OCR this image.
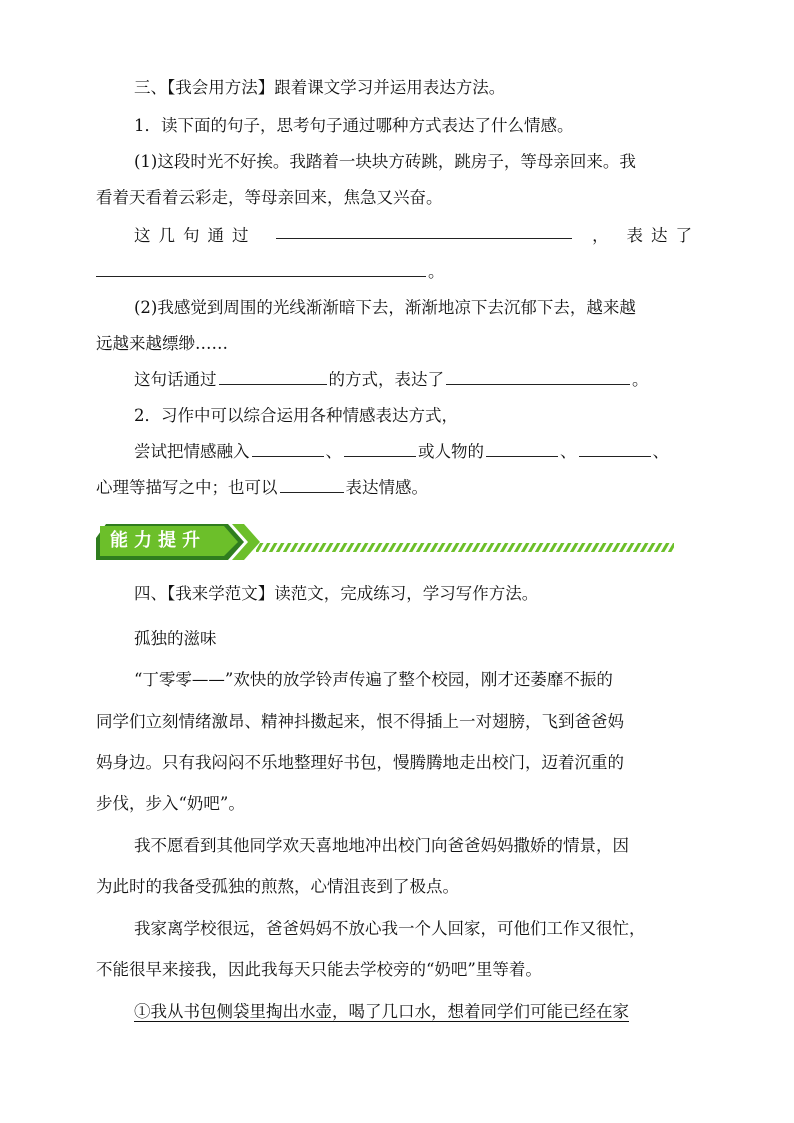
三、【我会用方法】跟着课文学习并运用表达方法。
1．读下面的句子，思考句子通过哪种方式表达了什么情感。
(1)这段时光不好挨。我踏着一块块方砖跳，跳房子，等母亲回来。我
看着天看着云彩走，等母亲回来，焦急又兴奋。
这几句通过	， 表达了
。
(2)我感觉到周围的光线渐渐暗下去，渐渐地凉下去沉郁下去，越来越
远越来越缥缈……
这句话通过	的方式，表达了	。
2．习作中可以综合运用各种情感表达方式，
尝试把情感融入	、	或人物的	、	、
心理等描写之中；也可以	表达情感。
能力提升
四、【我来学范文】读范文，完成练习，学习写作方法。
孤独的滋味
“丁零零——”欢快的放学铃声传遍了整个校园，刚才还萎靡不振的
同学们立刻情绪激昂、精神抖擞起来，恨不得插上一对翅膀，飞到爸爸妈
妈身边。只有我闷闷不乐地整理好书包，慢腾腾地走出校门，迈着沉重的
步伐，步入“奶吧”。
我不愿看到其他同学欢天喜地地冲出校门向爸爸妈妈撒娇的情景，因
为此时的我备受孤独的煎熬，心情沮丧到了极点。
我家离学校很远，爸爸妈妈不放心我一个人回家，可他们工作又很忙，
不能很早来接我，因此我每天只能去学校旁的“奶吧”里等着。
①我从书包侧袋里掏出水壶，喝了几口水，想着同学们可能已经在家
